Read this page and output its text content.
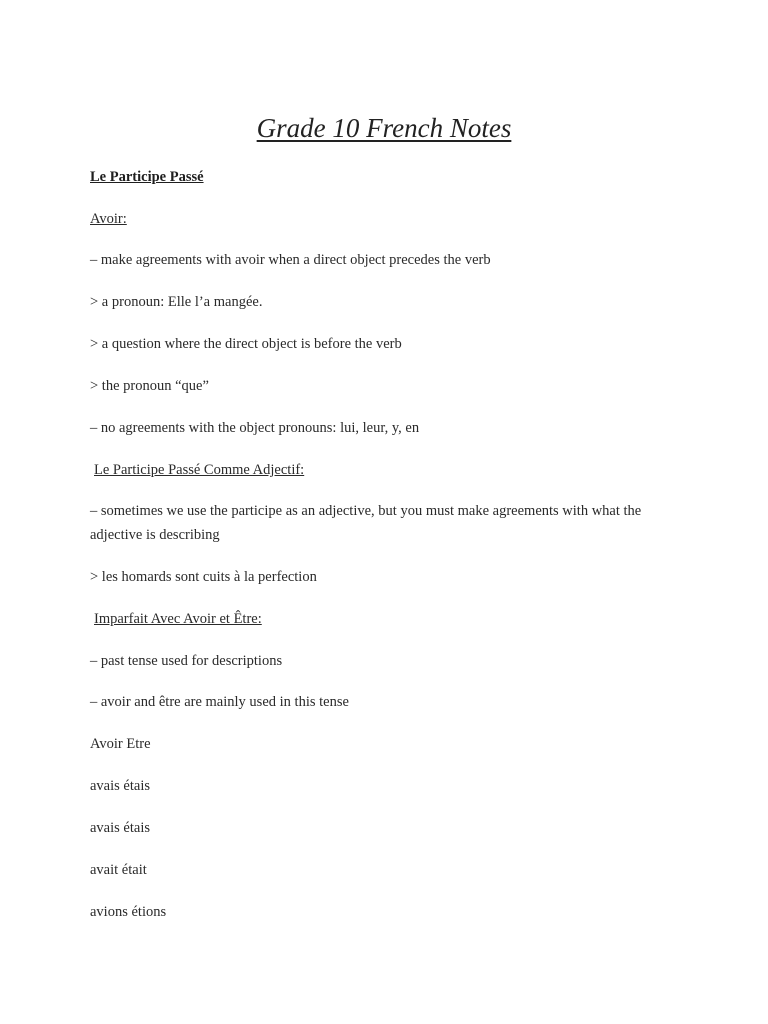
Grade 10 French Notes

Le Participe Passé

Avoir:

– make agreements with avoir when a direct object precedes the verb

> a pronoun: Elle l’a mangée.

> a question where the direct object is before the verb

> the pronoun “que”

– no agreements with the object pronouns: lui, leur, y, en

Le Participe Passé Comme Adjectif:

– sometimes we use the participe as an adjective, but you must make agreements with what the adjective is describing

> les homards sont cuits à la perfection

Imparfait Avec Avoir et Être:

– past tense used for descriptions

– avoir and être are mainly used in this tense

Avoir Etre

avais étais

avais étais

avait était

avions étions
